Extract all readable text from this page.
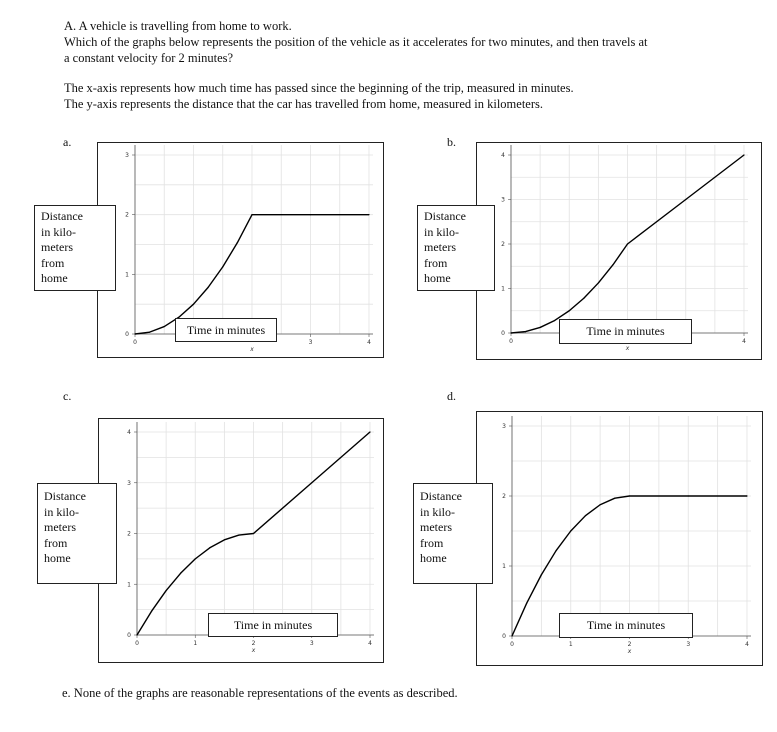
A. A vehicle is travelling from home to work.
Which of the graphs below represents the position of the vehicle as it accelerates for two minutes, and then travels at
a constant velocity for 2 minutes?
The x-axis represents how much time has passed since the beginning of the trip, measured in minutes.
The y-axis represents the distance that the car has travelled from home, measured in kilometers.
a.	b.
c.	d.
0	3	4
0
1
2
3
x
Distance
in kilo-
meters
from
home
Time in minutes
0	4
0
1
2
3
4
x
Distance
in kilo-
meters
from
home
Time in minutes
0	1	2	3	4
0
1
2
3
4
x
Distance
in kilo-
meters
from
home
Time in minutes
0	1	2	3	4
0
1
2
3
x
Distance
in kilo-
meters
from
home
Time in minutes
e. None of the graphs are reasonable representations of the events as described.
